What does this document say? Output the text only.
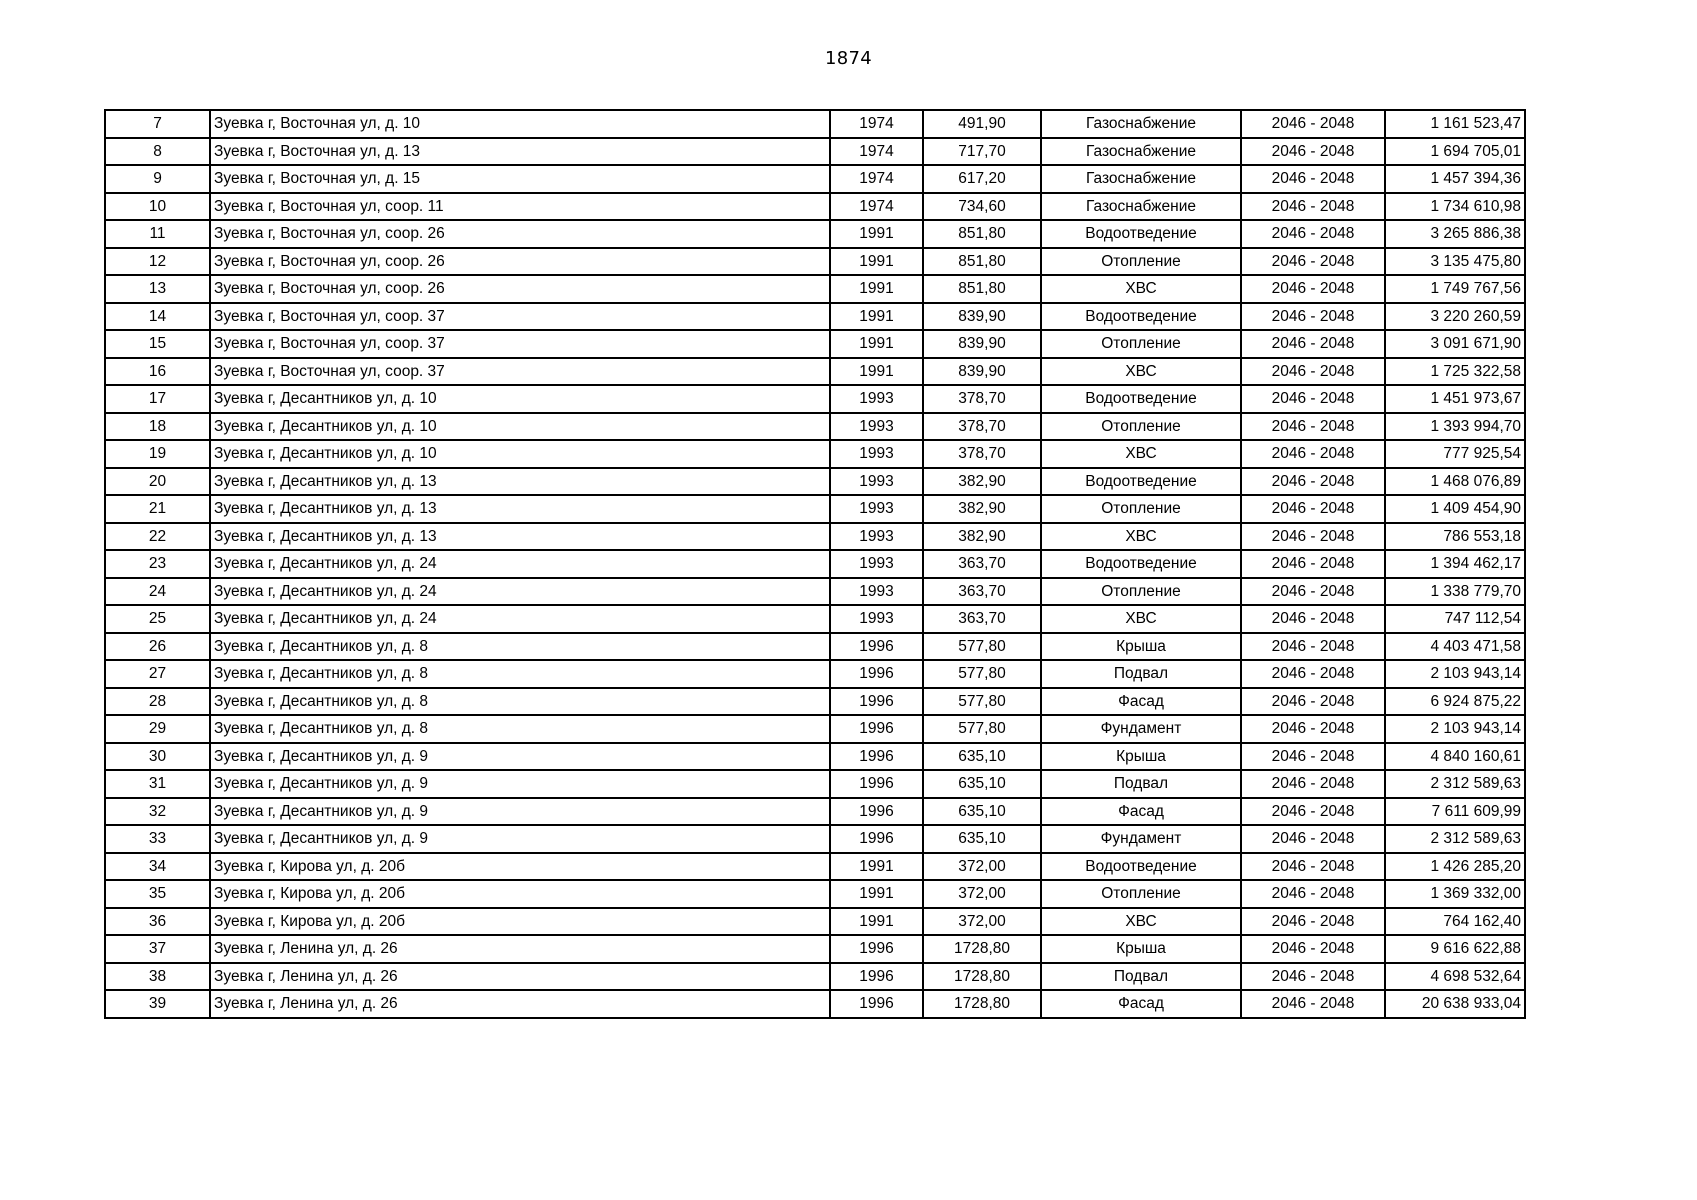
1874
7	Зуевка г, Восточная ул, д. 10	1974	491,90	Газоснабжение	2046 - 2048	1 161 523,47
8	Зуевка г, Восточная ул, д. 13	1974	717,70	Газоснабжение	2046 - 2048	1 694 705,01
9	Зуевка г, Восточная ул, д. 15	1974	617,20	Газоснабжение	2046 - 2048	1 457 394,36
10	Зуевка г, Восточная ул, соор. 11	1974	734,60	Газоснабжение	2046 - 2048	1 734 610,98
11	Зуевка г, Восточная ул, соор. 26	1991	851,80	Водоотведение	2046 - 2048	3 265 886,38
12	Зуевка г, Восточная ул, соор. 26	1991	851,80	Отопление	2046 - 2048	3 135 475,80
13	Зуевка г, Восточная ул, соор. 26	1991	851,80	ХВС	2046 - 2048	1 749 767,56
14	Зуевка г, Восточная ул, соор. 37	1991	839,90	Водоотведение	2046 - 2048	3 220 260,59
15	Зуевка г, Восточная ул, соор. 37	1991	839,90	Отопление	2046 - 2048	3 091 671,90
16	Зуевка г, Восточная ул, соор. 37	1991	839,90	ХВС	2046 - 2048	1 725 322,58
17	Зуевка г, Десантников ул, д. 10	1993	378,70	Водоотведение	2046 - 2048	1 451 973,67
18	Зуевка г, Десантников ул, д. 10	1993	378,70	Отопление	2046 - 2048	1 393 994,70
19	Зуевка г, Десантников ул, д. 10	1993	378,70	ХВС	2046 - 2048	777 925,54
20	Зуевка г, Десантников ул, д. 13	1993	382,90	Водоотведение	2046 - 2048	1 468 076,89
21	Зуевка г, Десантников ул, д. 13	1993	382,90	Отопление	2046 - 2048	1 409 454,90
22	Зуевка г, Десантников ул, д. 13	1993	382,90	ХВС	2046 - 2048	786 553,18
23	Зуевка г, Десантников ул, д. 24	1993	363,70	Водоотведение	2046 - 2048	1 394 462,17
24	Зуевка г, Десантников ул, д. 24	1993	363,70	Отопление	2046 - 2048	1 338 779,70
25	Зуевка г, Десантников ул, д. 24	1993	363,70	ХВС	2046 - 2048	747 112,54
26	Зуевка г, Десантников ул, д. 8	1996	577,80	Крыша	2046 - 2048	4 403 471,58
27	Зуевка г, Десантников ул, д. 8	1996	577,80	Подвал	2046 - 2048	2 103 943,14
28	Зуевка г, Десантников ул, д. 8	1996	577,80	Фасад	2046 - 2048	6 924 875,22
29	Зуевка г, Десантников ул, д. 8	1996	577,80	Фундамент	2046 - 2048	2 103 943,14
30	Зуевка г, Десантников ул, д. 9	1996	635,10	Крыша	2046 - 2048	4 840 160,61
31	Зуевка г, Десантников ул, д. 9	1996	635,10	Подвал	2046 - 2048	2 312 589,63
32	Зуевка г, Десантников ул, д. 9	1996	635,10	Фасад	2046 - 2048	7 611 609,99
33	Зуевка г, Десантников ул, д. 9	1996	635,10	Фундамент	2046 - 2048	2 312 589,63
34	Зуевка г, Кирова ул, д. 20б	1991	372,00	Водоотведение	2046 - 2048	1 426 285,20
35	Зуевка г, Кирова ул, д. 20б	1991	372,00	Отопление	2046 - 2048	1 369 332,00
36	Зуевка г, Кирова ул, д. 20б	1991	372,00	ХВС	2046 - 2048	764 162,40
37	Зуевка г, Ленина ул, д. 26	1996	1728,80	Крыша	2046 - 2048	9 616 622,88
38	Зуевка г, Ленина ул, д. 26	1996	1728,80	Подвал	2046 - 2048	4 698 532,64
39	Зуевка г, Ленина ул, д. 26	1996	1728,80	Фасад	2046 - 2048	20 638 933,04
